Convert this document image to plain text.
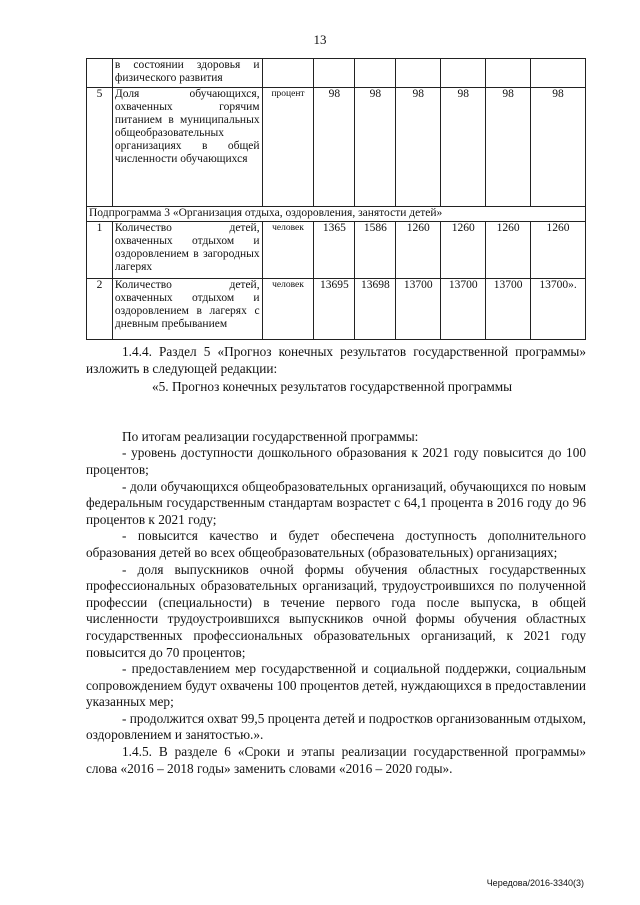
13
	в состоянии здоровья и физического развития							
5	Доля обучающихся, охваченных горячим питанием в муниципальных общеобразовательных организациях в общей численности обучающихся	процент	98	98	98	98	98	98
Подпрограмма 3 «Организация отдыха, оздоровления, занятости детей»								
1	Количество детей, охваченных отдыхом и оздоровлением в загородных лагерях	человек	1365	1586	1260	1260	1260	1260
2	Количество детей, охваченных отдыхом и оздоровлением в лагерях с дневным пребыванием	человек	13695	13698	13700	13700	13700	13700».

1.4.4. Раздел 5 «Прогноз конечных результатов государственной программы» изложить в следующей редакции:

«5. Прогноз конечных результатов государственной программы

По итогам реализации государственной программы:

- уровень доступности дошкольного образования к 2021 году повысится до 100 процентов;

- доли обучающихся общеобразовательных организаций, обучающихся по новым федеральным государственным стандартам возрастет с 64,1 процента в 2016 году до 96 процентов к 2021 году;

- повысится качество и будет обеспечена доступность дополнительного образования детей во всех общеобразовательных (образовательных) организациях;

- доля выпускников очной формы обучения областных государственных профессиональных образовательных организаций, трудоустроившихся по полученной профессии (специальности) в течение первого года после выпуска, в общей численности трудоустроившихся выпускников очной формы обучения областных государственных профессиональных образовательных организаций, к 2021 году повысится до 70 процентов;

- предоставлением мер государственной и социальной поддержки, социальным сопровождением будут охвачены 100 процентов детей, нуждающихся в предоставлении указанных мер;

- продолжится охват 99,5 процента детей и подростков организованным отдыхом, оздоровлением и занятостью.».

1.4.5. В разделе 6 «Сроки и этапы реализации государственной программы» слова «2016 – 2018 годы» заменить словами «2016 – 2020 годы».

Чередова/2016-3340(3)
